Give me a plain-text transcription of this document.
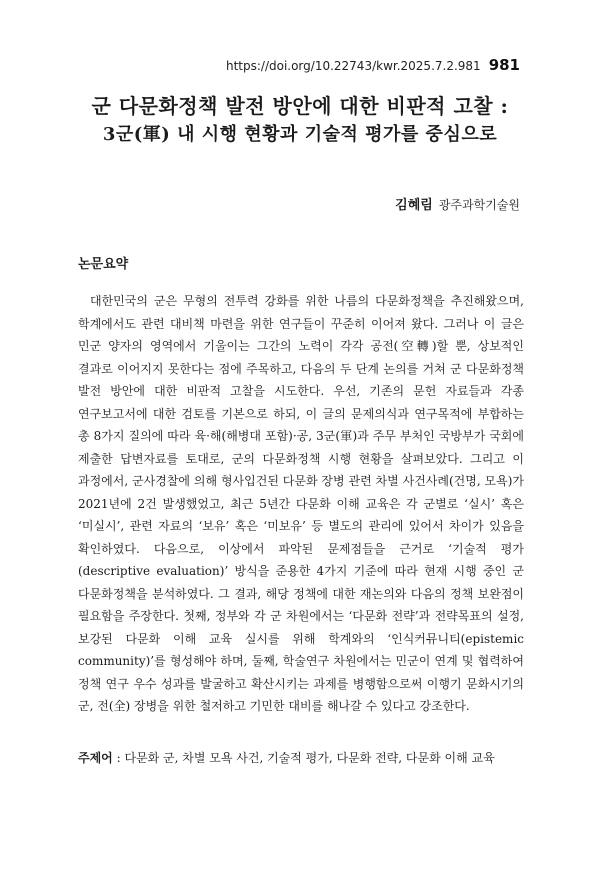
https://doi.org/10.22743/kwr.2025.7.2.981 981
군 다문화정책 발전 방안에 대한 비판적 고찰 :
3군(軍) 내 시행 현황과 기술적 평가를 중심으로
김혜림 광주과학기술원
논문요약

대한민국의 군은 무형의 전투력 강화를 위한 나름의 다문화정책을 추진해왔으며, 학계에서도 관련 대비책 마련을 위한 연구들이 꾸준히 이어져 왔다. 그러나 이 글은 민군 양자의 영역에서 기울이는 그간의 노력이 각각 공전(空轉)할 뿐, 상보적인 결과로 이어지지 못한다는 점에 주목하고, 다음의 두 단계 논의를 거쳐 군 다문화정책 발전 방안에 대한 비판적 고찰을 시도한다. 우선, 기존의 문헌 자료들과 각종 연구보고서에 대한 검토를 기본으로 하되, 이 글의 문제의식과 연구목적에 부합하는 총 8가지 질의에 따라 육·해(해병대 포함)·공, 3군(軍)과 주무 부처인 국방부가 국회에 제출한 답변자료를 토대로, 군의 다문화정책 시행 현황을 살펴보았다. 그리고 이 과정에서, 군사경찰에 의해 형사입건된 다문화 장병 관련 차별 사건사례(건명, 모욕)가 2021년에 2건 발생했었고, 최근 5년간 다문화 이해 교육은 각 군별로 ‘실시’ 혹은 ‘미실시’, 관련 자료의 ‘보유’ 혹은 ‘미보유’ 등 별도의 관리에 있어서 차이가 있음을 확인하였다. 다음으로, 이상에서 파악된 문제점들을 근거로 ‘기술적 평가(descriptive evaluation)’ 방식을 준용한 4가지 기준에 따라 현재 시행 중인 군 다문화정책을 분석하였다. 그 결과, 해당 정책에 대한 재논의와 다음의 정책 보완점이 필요함을 주장한다. 첫째, 정부와 각 군 차원에서는 ‘다문화 전략’과 전략목표의 설정, 보강된 다문화 이해 교육 실시를 위해 학계와의 ‘인식커뮤니티(epistemic community)’를 형성해야 하며, 둘째, 학술연구 차원에서는 민군이 연계 및 협력하여 정책 연구 우수 성과를 발굴하고 확산시키는 과제를 병행함으로써 이행기 문화시기의 군, 전(全) 장병을 위한 철저하고 기민한 대비를 해나갈 수 있다고 강조한다.

주제어 : 다문화 군, 차별 모욕 사건, 기술적 평가, 다문화 전략, 다문화 이해 교육
